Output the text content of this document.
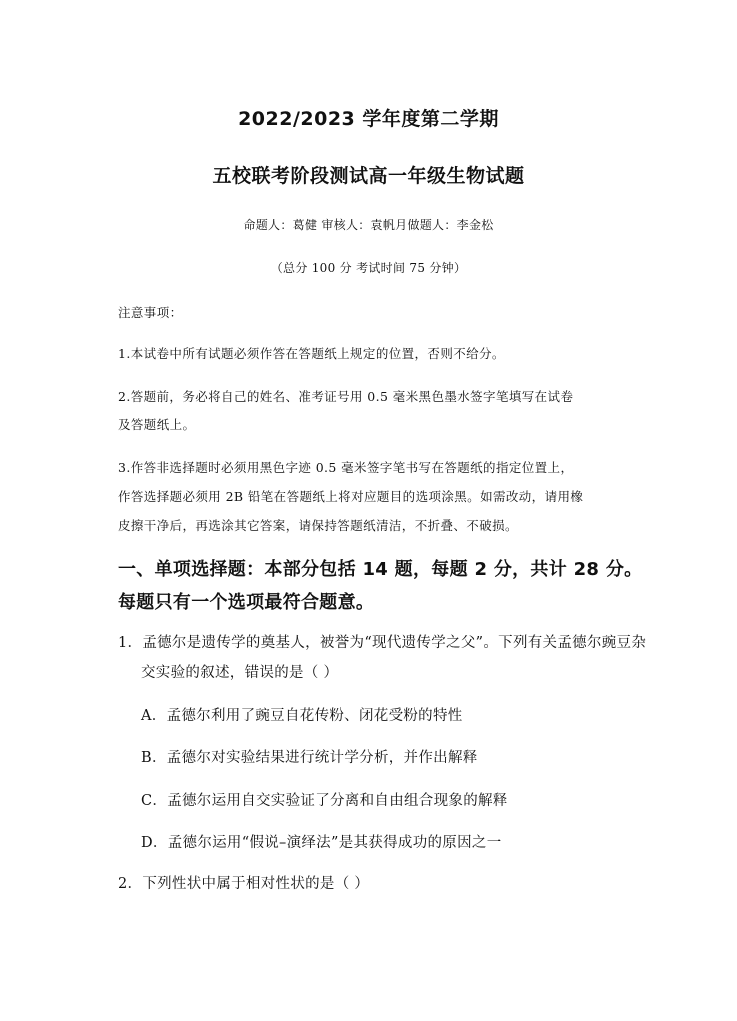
2022/2023 学年度第二学期

五校联考阶段测试高一年级生物试题

命题人：葛健 审核人：袁帆月做题人：李金松

（总分 100 分 考试时间 75 分钟）

注意事项：

1.本试卷中所有试题必须作答在答题纸上规定的位置，否则不给分。

2.答题前，务必将自己的姓名、准考证号用 0.5 毫米黑色墨水签字笔填写在试卷

及答题纸上。

3.作答非选择题时必须用黑色字迹 0.5 毫米签字笔书写在答题纸的指定位置上，

作答选择题必须用 2B 铅笔在答题纸上将对应题目的选项涂黑。如需改动，请用橡

皮擦干净后，再选涂其它答案，请保持答题纸清洁，不折叠、不破损。

一、单项选择题：本部分包括 14 题，每题 2 分，共计 28 分。

每题只有一个选项最符合题意。

1．孟德尔是遗传学的奠基人，被誉为“现代遗传学之父”。下列有关孟德尔豌豆杂

交实验的叙述，错误的是（ ）

A．孟德尔利用了豌豆自花传粉、闭花受粉的特性

B．孟德尔对实验结果进行统计学分析，并作出解释

C．孟德尔运用自交实验证了分离和自由组合现象的解释

D．孟德尔运用“假说–演绎法”是其获得成功的原因之一

2．下列性状中属于相对性状的是（ ）
